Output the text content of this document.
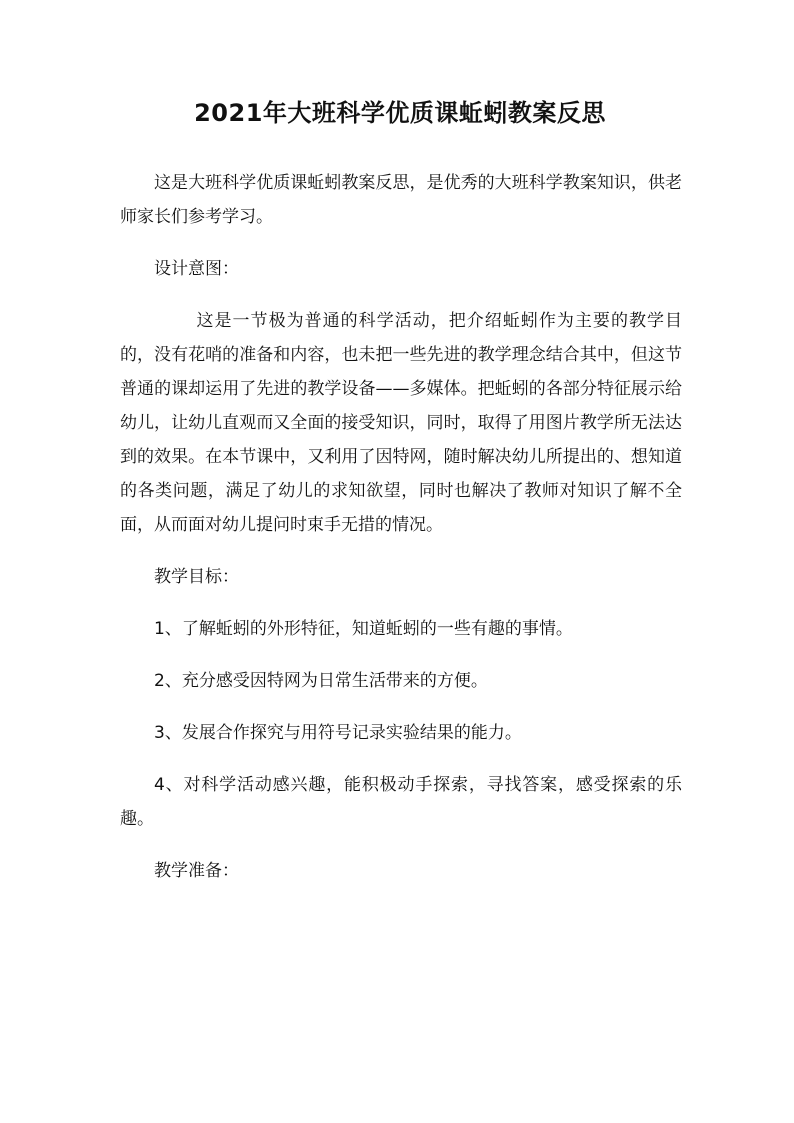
2021年大班科学优质课蚯蚓教案反思

这是大班科学优质课蚯蚓教案反思，是优秀的大班科学教案知识，供老师家长们参考学习。

设计意图：

这是一节极为普通的科学活动，把介绍蚯蚓作为主要的教学目的，没有花哨的准备和内容，也未把一些先进的教学理念结合其中，但这节普通的课却运用了先进的教学设备——多媒体。把蚯蚓的各部分特征展示给幼儿，让幼儿直观而又全面的接受知识，同时，取得了用图片教学所无法达到的效果。在本节课中，又利用了因特网，随时解决幼儿所提出的、想知道的各类问题，满足了幼儿的求知欲望，同时也解决了教师对知识了解不全面，从而面对幼儿提问时束手无措的情况。

教学目标：

1、了解蚯蚓的外形特征，知道蚯蚓的一些有趣的事情。

2、充分感受因特网为日常生活带来的方便。

3、发展合作探究与用符号记录实验结果的能力。

4、对科学活动感兴趣，能积极动手探索，寻找答案，感受探索的乐趣。

教学准备：
